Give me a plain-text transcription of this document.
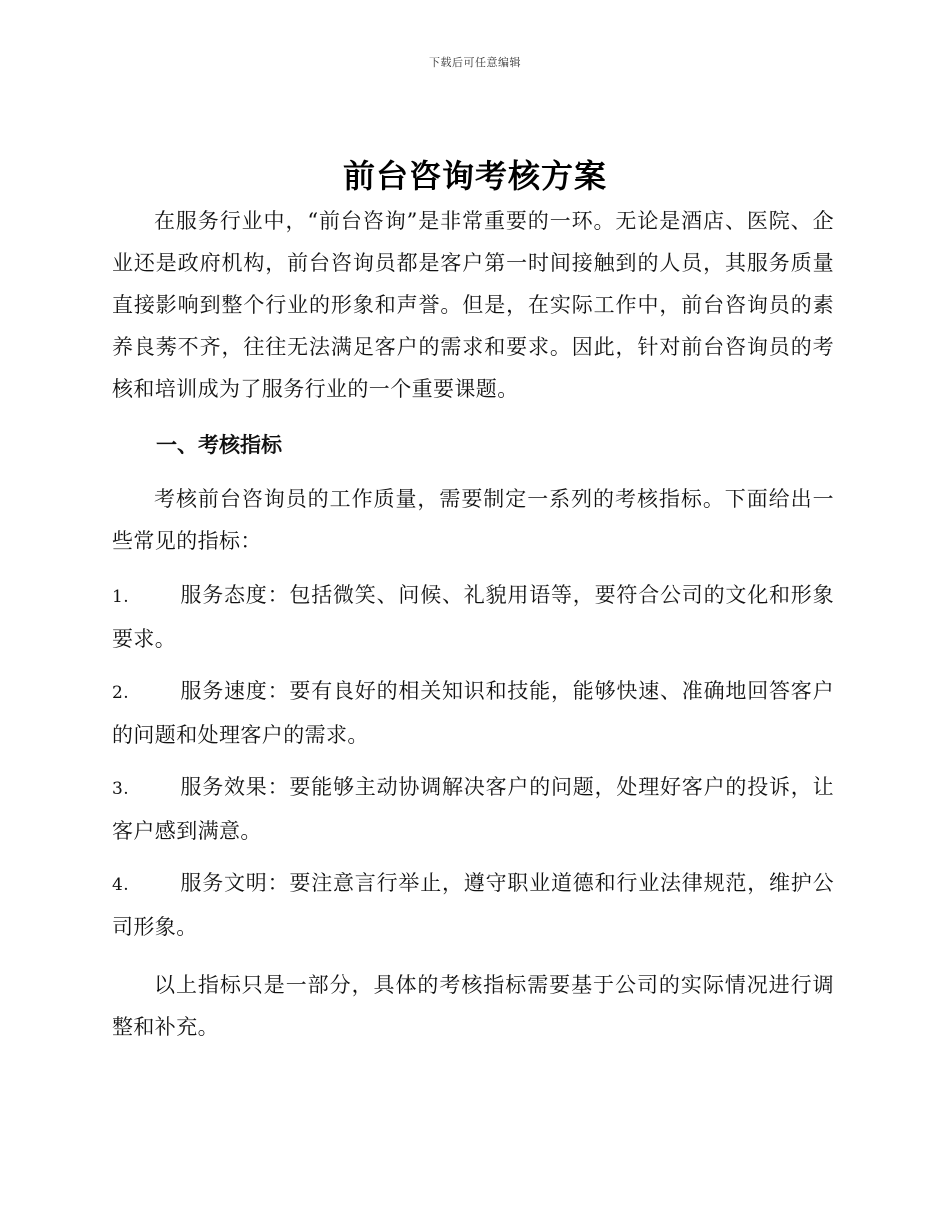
下载后可任意编辑
前台咨询考核方案
在服务行业中，“前台咨询”是非常重要的一环。无论是酒店、医院、企业还是政府机构，前台咨询员都是客户第一时间接触到的人员，其服务质量直接影响到整个行业的形象和声誉。但是，在实际工作中，前台咨询员的素养良莠不齐，往往无法满足客户的需求和要求。因此，针对前台咨询员的考核和培训成为了服务行业的一个重要课题。
一、考核指标
考核前台咨询员的工作质量，需要制定一系列的考核指标。下面给出一些常见的指标：
1. 服务态度：包括微笑、问候、礼貌用语等，要符合公司的文化和形象要求。
2. 服务速度：要有良好的相关知识和技能，能够快速、准确地回答客户的问题和处理客户的需求。
3. 服务效果：要能够主动协调解决客户的问题，处理好客户的投诉，让客户感到满意。
4. 服务文明：要注意言行举止，遵守职业道德和行业法律规范，维护公司形象。
以上指标只是一部分，具体的考核指标需要基于公司的实际情况进行调整和补充。
